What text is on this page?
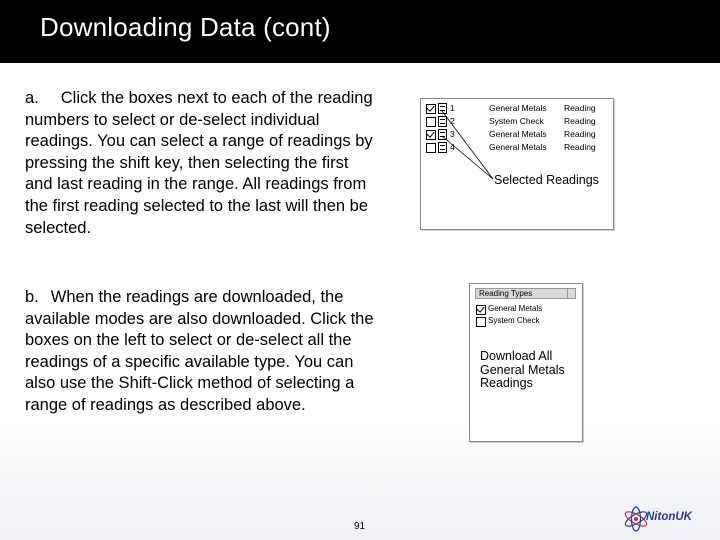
Downloading Data (cont)

a. Click the boxes next to each of the reading numbers to select or de-select individual readings. You can select a range of readings by pressing the shift key, then selecting the first and last reading in the range. All readings from the first reading selected to the last will then be selected.

b. When the readings are downloaded, the available modes are also downloaded. Click the boxes on the left to select or de-select all the readings of a specific available type. You can also use the Shift-Click method of selecting a range of readings as described above.

1	General Metals Reading
2	System Check Reading
3	General Metals Reading
4	General Metals Reading
Selected Readings
Reading Types
General Metals
System Check
Download All General Metals Readings
91
NitonUK
